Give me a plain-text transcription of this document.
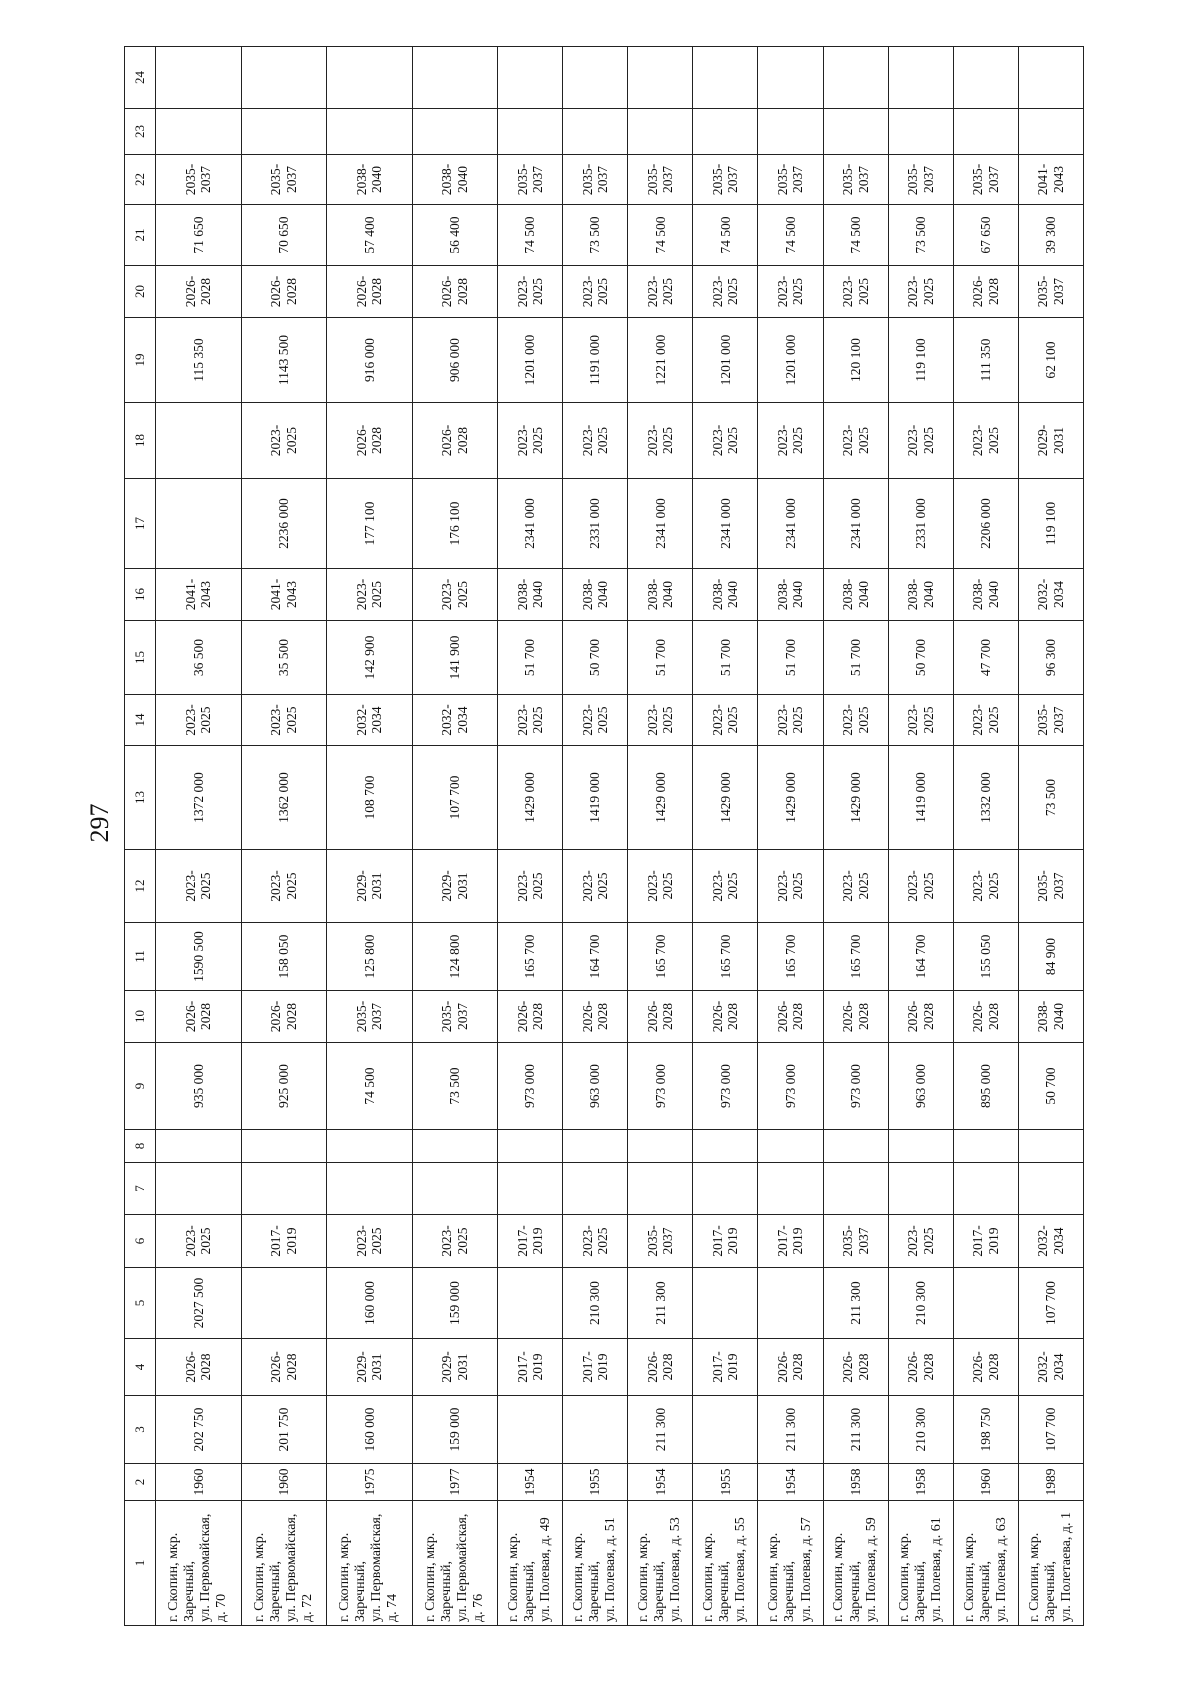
297
1	2	3	4	5	6	7	8	9	10	11	12	13	14	15	16	17	18	19	20	21	22	23	24

г. Скопин, мкр. Заречный, ул. Первомайская, д. 70	1960	202 750	2026- 2028	2027 500	2023- 2025			935 000	2026- 2028	1590 500	2023- 2025	1372 000	2023- 2025	36 500	2041- 2043			115 350	2026- 2028	71 650	2035- 2037		

г. Скопин, мкр. Заречный, ул. Первомайская, д. 72	1960	201 750	2026- 2028		2017- 2019			925 000	2026- 2028	158 050	2023- 2025	1362 000	2023- 2025	35 500	2041- 2043	2236 000	2023- 2025	1143 500	2026- 2028	70 650	2035- 2037		

г. Скопин, мкр. Заречный, ул. Первомайская, д. 74	1975	160 000	2029- 2031	160 000	2023- 2025			74 500	2035- 2037	125 800	2029- 2031	108 700	2032- 2034	142 900	2023- 2025	177 100	2026- 2028	916 000	2026- 2028	57 400	2038- 2040		

г. Скопин, мкр. Заречный, ул. Первомайская, д. 76	1977	159 000	2029- 2031	159 000	2023- 2025			73 500	2035- 2037	124 800	2029- 2031	107 700	2032- 2034	141 900	2023- 2025	176 100	2026- 2028	906 000	2026- 2028	56 400	2038- 2040		

г. Скопин, мкр. Заречный, ул. Полевая, д. 49	1954		2017- 2019		2017- 2019			973 000	2026- 2028	165 700	2023- 2025	1429 000	2023- 2025	51 700	2038- 2040	2341 000	2023- 2025	1201 000	2023- 2025	74 500	2035- 2037		

г. Скопин, мкр. Заречный, ул. Полевая, д. 51	1955		2017- 2019	210 300	2023- 2025			963 000	2026- 2028	164 700	2023- 2025	1419 000	2023- 2025	50 700	2038- 2040	2331 000	2023- 2025	1191 000	2023- 2025	73 500	2035- 2037		

г. Скопин, мкр. Заречный, ул. Полевая, д. 53	1954	211 300	2026- 2028	211 300	2035- 2037			973 000	2026- 2028	165 700	2023- 2025	1429 000	2023- 2025	51 700	2038- 2040	2341 000	2023- 2025	1221 000	2023- 2025	74 500	2035- 2037		

г. Скопин, мкр. Заречный, ул. Полевая, д. 55	1955		2017- 2019		2017- 2019			973 000	2026- 2028	165 700	2023- 2025	1429 000	2023- 2025	51 700	2038- 2040	2341 000	2023- 2025	1201 000	2023- 2025	74 500	2035- 2037		

г. Скопин, мкр. Заречный, ул. Полевая, д. 57	1954	211 300	2026- 2028		2017- 2019			973 000	2026- 2028	165 700	2023- 2025	1429 000	2023- 2025	51 700	2038- 2040	2341 000	2023- 2025	1201 000	2023- 2025	74 500	2035- 2037		

г. Скопин, мкр. Заречный, ул. Полевая, д. 59	1958	211 300	2026- 2028	211 300	2035- 2037			973 000	2026- 2028	165 700	2023- 2025	1429 000	2023- 2025	51 700	2038- 2040	2341 000	2023- 2025	120 100	2023- 2025	74 500	2035- 2037		

г. Скопин, мкр. Заречный, ул. Полевая, д. 61	1958	210 300	2026- 2028	210 300	2023- 2025			963 000	2026- 2028	164 700	2023- 2025	1419 000	2023- 2025	50 700	2038- 2040	2331 000	2023- 2025	119 100	2023- 2025	73 500	2035- 2037		

г. Скопин, мкр. Заречный, ул. Полевая, д. 63	1960	198 750	2026- 2028		2017- 2019			895 000	2026- 2028	155 050	2023- 2025	1332 000	2023- 2025	47 700	2038- 2040	2206 000	2023- 2025	111 350	2026- 2028	67 650	2035- 2037		

г. Скопин, мкр. Заречный, ул. Полетаева, д. 1	1989	107 700	2032- 2034	107 700	2032- 2034			50 700	2038- 2040	84 900	2035- 2037	73 500	2035- 2037	96 300	2032- 2034	119 100	2029- 2031	62 100	2035- 2037	39 300	2041- 2043		
